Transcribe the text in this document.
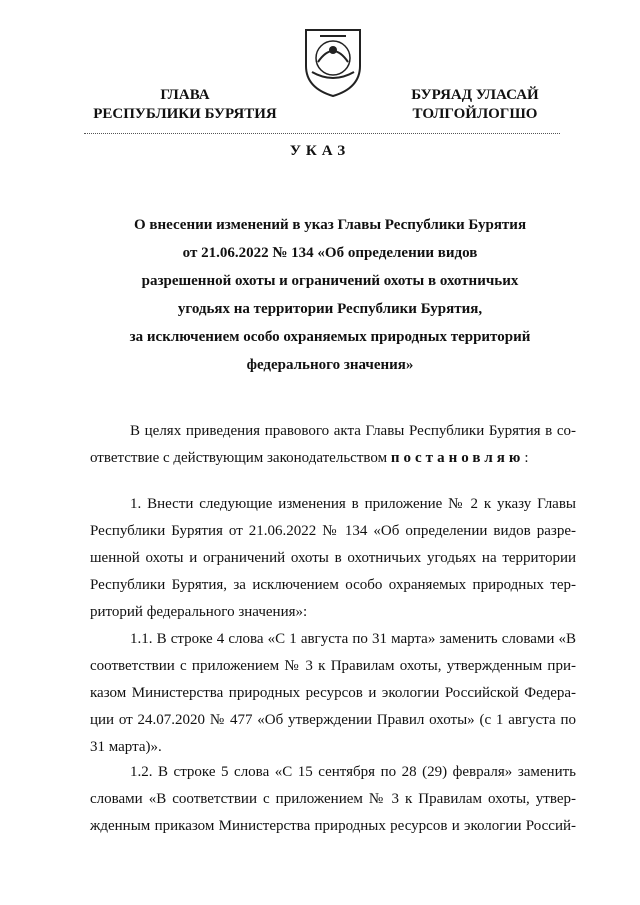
ГЛАВА
РЕСПУБЛИКИ БУРЯТИЯ
БУРЯАД УЛАСАЙ
ТОЛГОЙЛОГШО
УКАЗ
О внесении изменений в указ Главы Республики Бурятия
от 21.06.2022 № 134 «Об определении видов
разрешенной охоты и ограничений охоты в охотничьих
угодьях на территории Республики Бурятия,
за исключением особо охраняемых природных территорий
федерального значения»
В целях приведения правового акта Главы Республики Бурятия в со-
ответствие с действующим законодательством постановляю:
1. Внести следующие изменения в приложение № 2 к указу Главы
Республики Бурятия от 21.06.2022 № 134 «Об определении видов разре-
шенной охоты и ограничений охоты в охотничьих угодьях на территории
Республики Бурятия, за исключением особо охраняемых природных тер-
риторий федерального значения»:
1.1. В строке 4 слова «С 1 августа по 31 марта» заменить словами «В
соответствии с приложением № 3 к Правилам охоты, утвержденным при-
казом Министерства природных ресурсов и экологии Российской Федера-
ции от 24.07.2020 № 477 «Об утверждении Правил охоты» (с 1 августа по
31 марта)».
1.2. В строке 5 слова «С 15 сентября по 28 (29) февраля» заменить
словами «В соответствии с приложением № 3 к Правилам охоты, утвер-
жденным приказом Министерства природных ресурсов и экологии Россий-
